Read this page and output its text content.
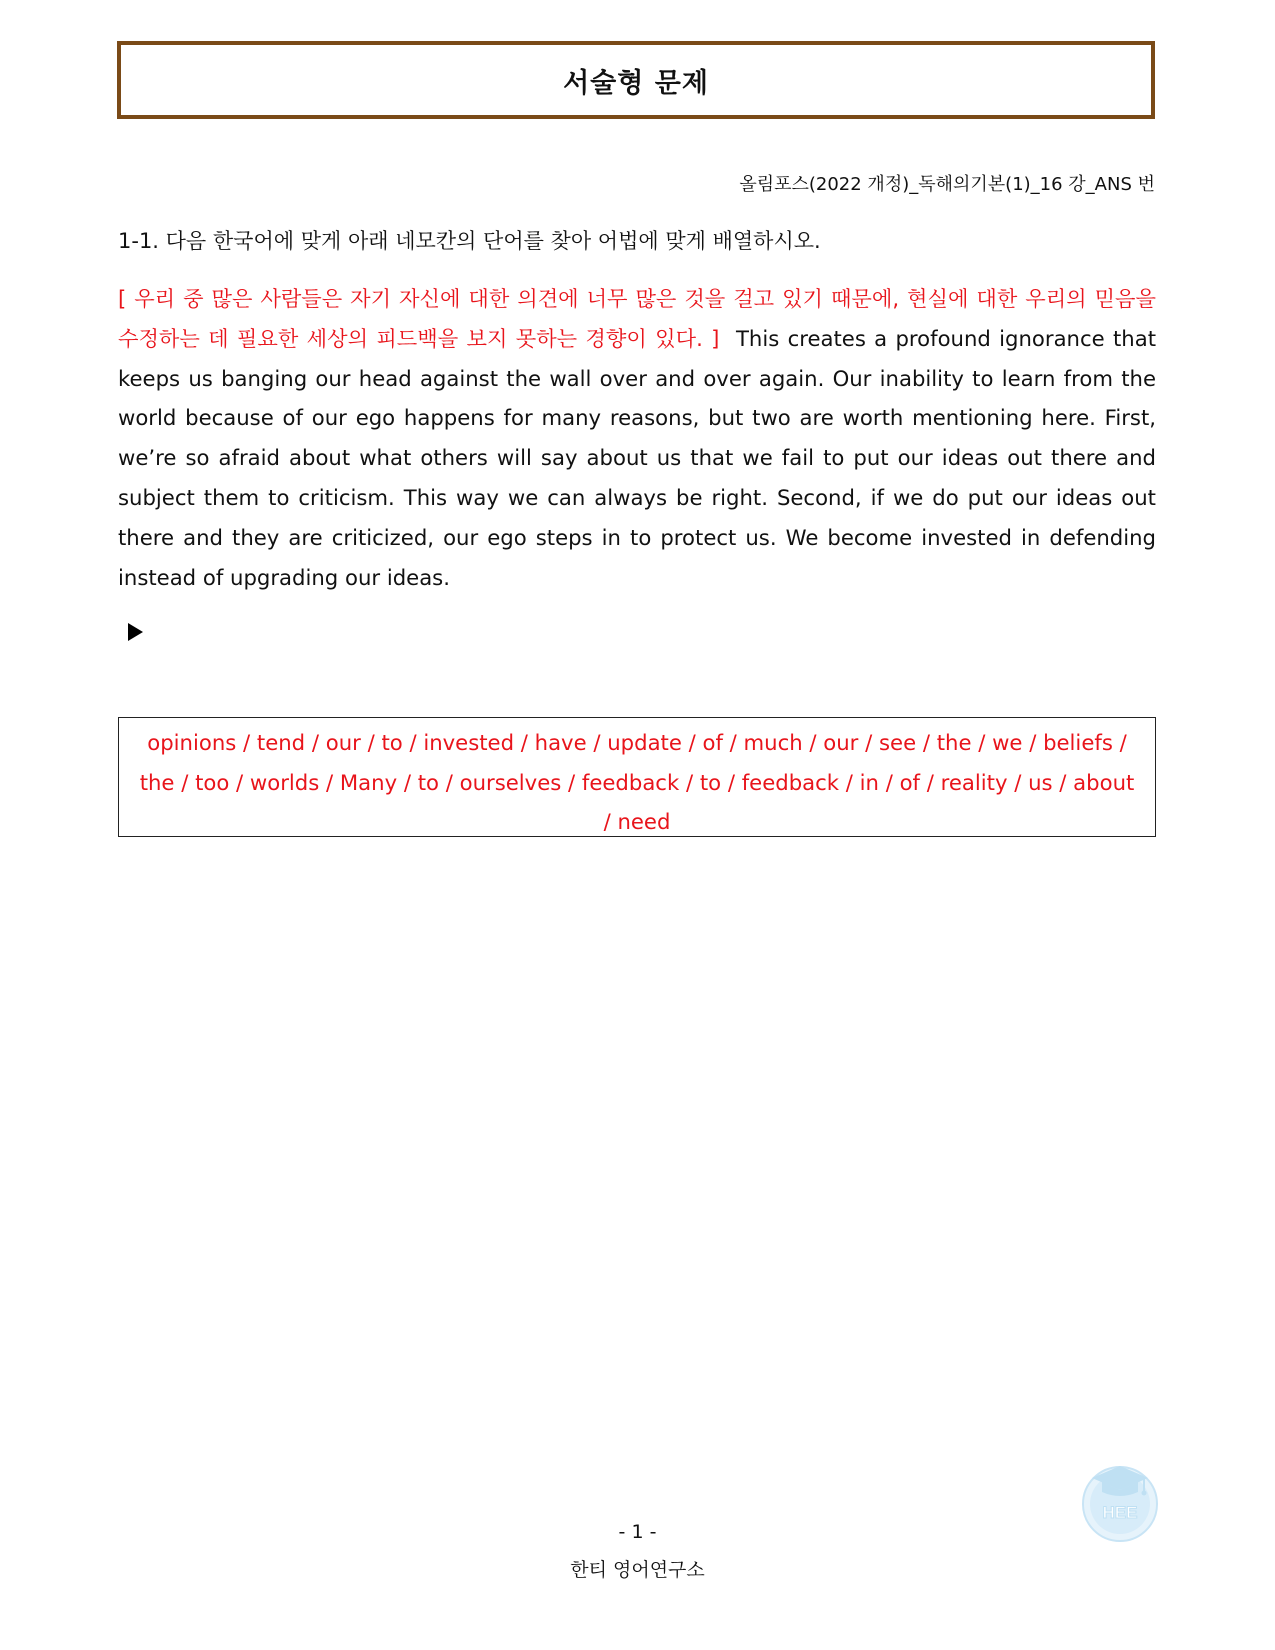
서술형 문제
올림포스(2022 개정)_독해의기본(1)_16 강_ANS 번
1-1. 다음 한국어에 맞게 아래 네모칸의 단어를 찾아 어법에 맞게 배열하시오.
[ 우리 중 많은 사람들은 자기 자신에 대한 의견에 너무 많은 것을 걸고 있기 때문에, 현실에 대한 우리의 믿음을 수정하는 데 필요한 세상의 피드백을 보지 못하는 경향이 있다. ] This creates a profound ignorance that keeps us banging our head against the wall over and over again. Our inability to learn from the world because of our ego happens for many reasons, but two are worth mentioning here. First, we’re so afraid about what others will say about us that we fail to put our ideas out there and subject them to criticism. This way we can always be right. Second, if we do put our ideas out there and they are criticized, our ego steps in to protect us. We become invested in defending instead of upgrading our ideas.
opinions / tend / our / to / invested / have / update / of / much / our / see / the / we / beliefs / the / too / worlds / Many / to / ourselves / feedback / to / feedback / in / of / reality / us / about / need
- 1 -
한티 영어연구소
HEE
